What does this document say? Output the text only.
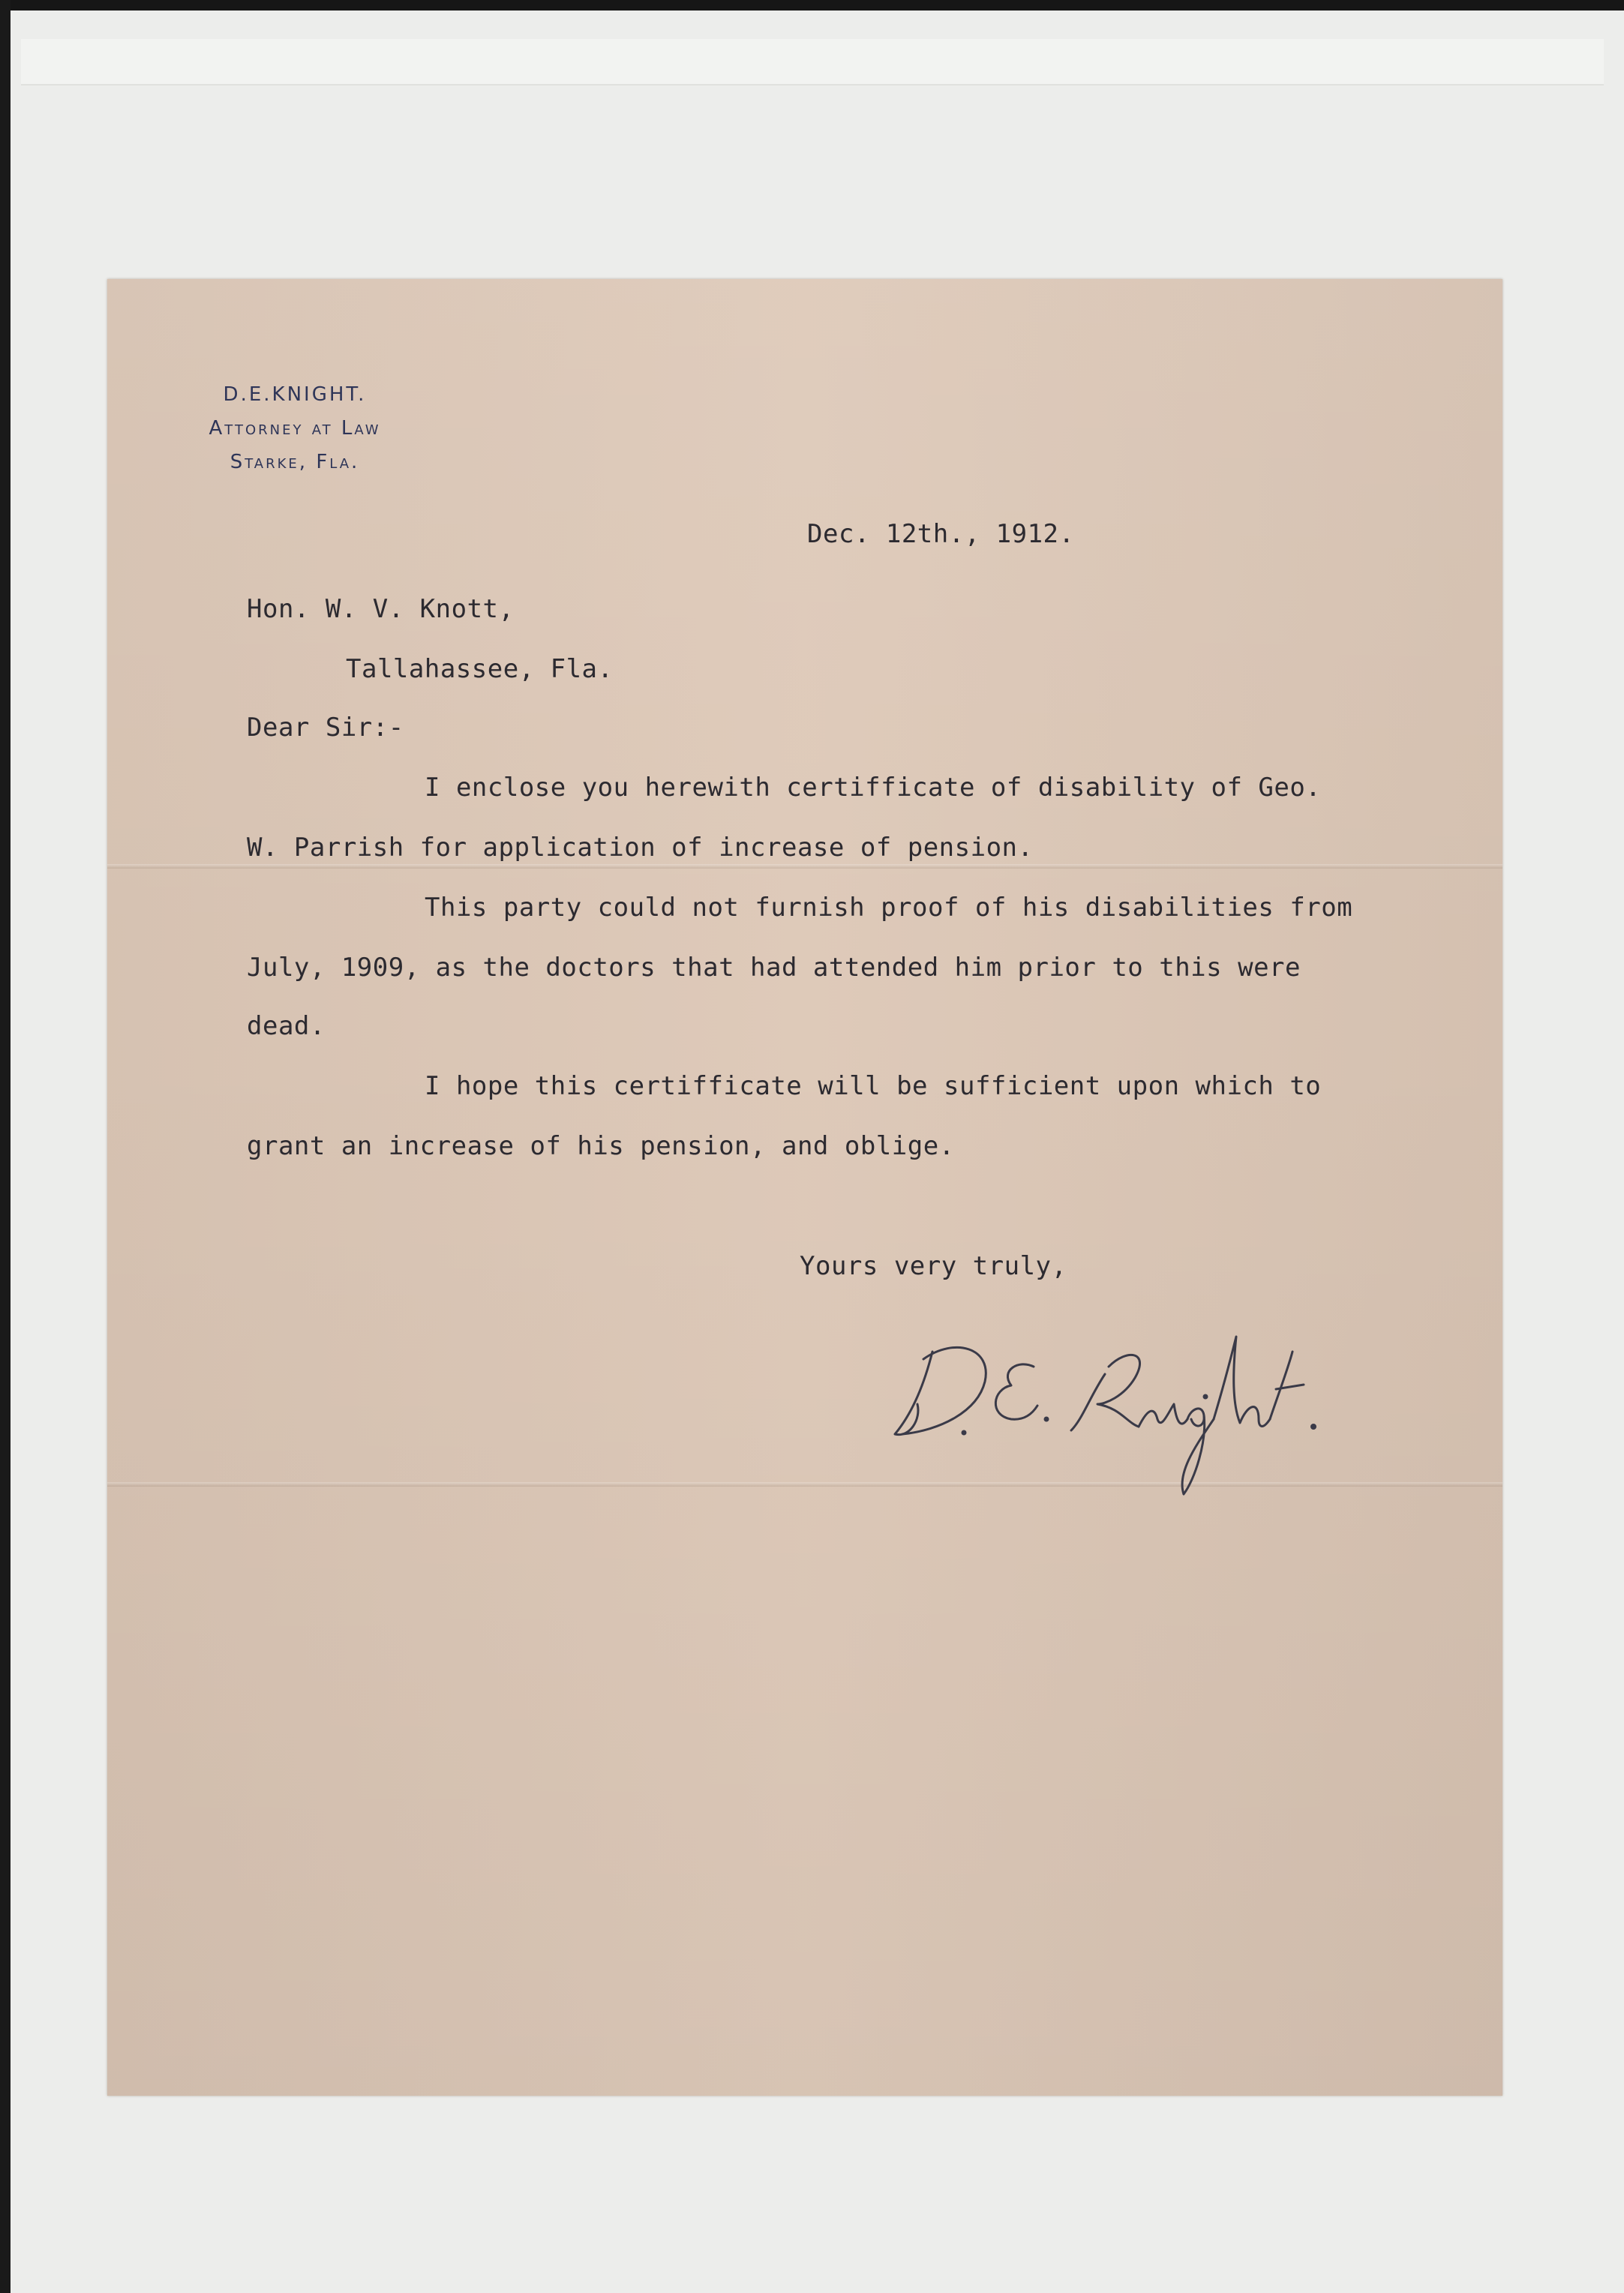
D.E.KNIGHT.
Attorney at Law
Starke, Fla.
Dec. 12th., 1912.
Hon. W. V. Knott,
Tallahassee, Fla.
Dear Sir:-
I enclose you herewith certifficate of disability of Geo.
W. Parrish for application of increase of pension.
This party could not furnish proof of his disabilities from
July, 1909, as the doctors that had attended him prior to this were
dead.
I hope this certifficate will be sufficient upon which to
grant an increase of his pension, and oblige.
Yours very truly,
